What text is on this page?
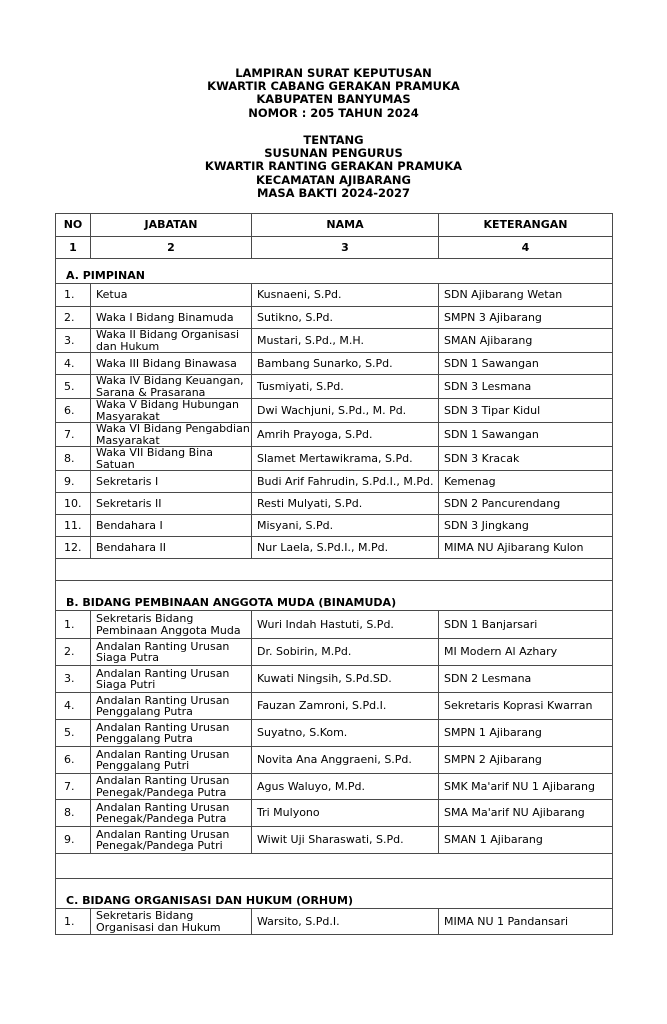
LAMPIRAN SURAT KEPUTUSAN
KWARTIR CABANG GERAKAN PRAMUKA
KABUPATEN BANYUMAS
NOMOR : 205 TAHUN 2024
TENTANG
SUSUNAN PENGURUS
KWARTIR RANTING GERAKAN PRAMUKA
KECAMATAN AJIBARANG
MASA BAKTI 2024-2027
NO	JABATAN	NAMA	KETERANGAN
1	2	3	4
A. PIMPINAN			
1.	Ketua	Kusnaeni, S.Pd.	SDN Ajibarang Wetan
2.	Waka I Bidang Binamuda	Sutikno, S.Pd.	SMPN 3 Ajibarang
3.	Waka II Bidang Organisasi dan Hukum	Mustari, S.Pd., M.H.	SMAN Ajibarang
4.	Waka III Bidang Binawasa	Bambang Sunarko, S.Pd.	SDN 1 Sawangan
5.	Waka IV Bidang Keuangan, Sarana & Prasarana	Tusmiyati, S.Pd.	SDN 3 Lesmana
6.	Waka V Bidang Hubungan Masyarakat	Dwi Wachjuni, S.Pd., M. Pd.	SDN 3 Tipar Kidul
7.	Waka VI Bidang Pengabdian Masyarakat	Amrih Prayoga, S.Pd.	SDN 1 Sawangan
8.	Waka VII Bidang Bina Satuan	Slamet Mertawikrama, S.Pd.	SDN 3 Kracak
9.	Sekretaris I	Budi Arif Fahrudin, S.Pd.I., M.Pd.	Kemenag
10.	Sekretaris II	Resti Mulyati, S.Pd.	SDN 2 Pancurendang
11.	Bendahara I	Misyani, S.Pd.	SDN 3 Jingkang
12.	Bendahara II	Nur Laela, S.Pd.I., M.Pd.	MIMA NU Ajibarang Kulon

B. BIDANG PEMBINAAN ANGGOTA MUDA (BINAMUDA)			
1.	Sekretaris Bidang Pembinaan Anggota Muda	Wuri Indah Hastuti, S.Pd.	SDN 1 Banjarsari
2.	Andalan Ranting Urusan Siaga Putra	Dr. Sobirin, M.Pd.	MI Modern Al Azhary
3.	Andalan Ranting Urusan Siaga Putri	Kuwati Ningsih, S.Pd.SD.	SDN 2 Lesmana
4.	Andalan Ranting Urusan Penggalang Putra	Fauzan Zamroni, S.Pd.I.	Sekretaris Koprasi Kwarran
5.	Andalan Ranting Urusan Penggalang Putra	Suyatno, S.Kom.	SMPN 1 Ajibarang
6.	Andalan Ranting Urusan Penggalang Putri	Novita Ana Anggraeni, S.Pd.	SMPN 2 Ajibarang
7.	Andalan Ranting Urusan Penegak/Pandega Putra	Agus Waluyo, M.Pd.	SMK Ma'arif NU 1 Ajibarang
8.	Andalan Ranting Urusan Penegak/Pandega Putra	Tri Mulyono	SMA Ma'arif NU Ajibarang
9.	Andalan Ranting Urusan Penegak/Pandega Putri	Wiwit Uji Sharaswati, S.Pd.	SMAN 1 Ajibarang

C. BIDANG ORGANISASI DAN HUKUM (ORHUM)			
1.	Sekretaris Bidang Organisasi dan Hukum	Warsito, S.Pd.I.	MIMA NU 1 Pandansari
